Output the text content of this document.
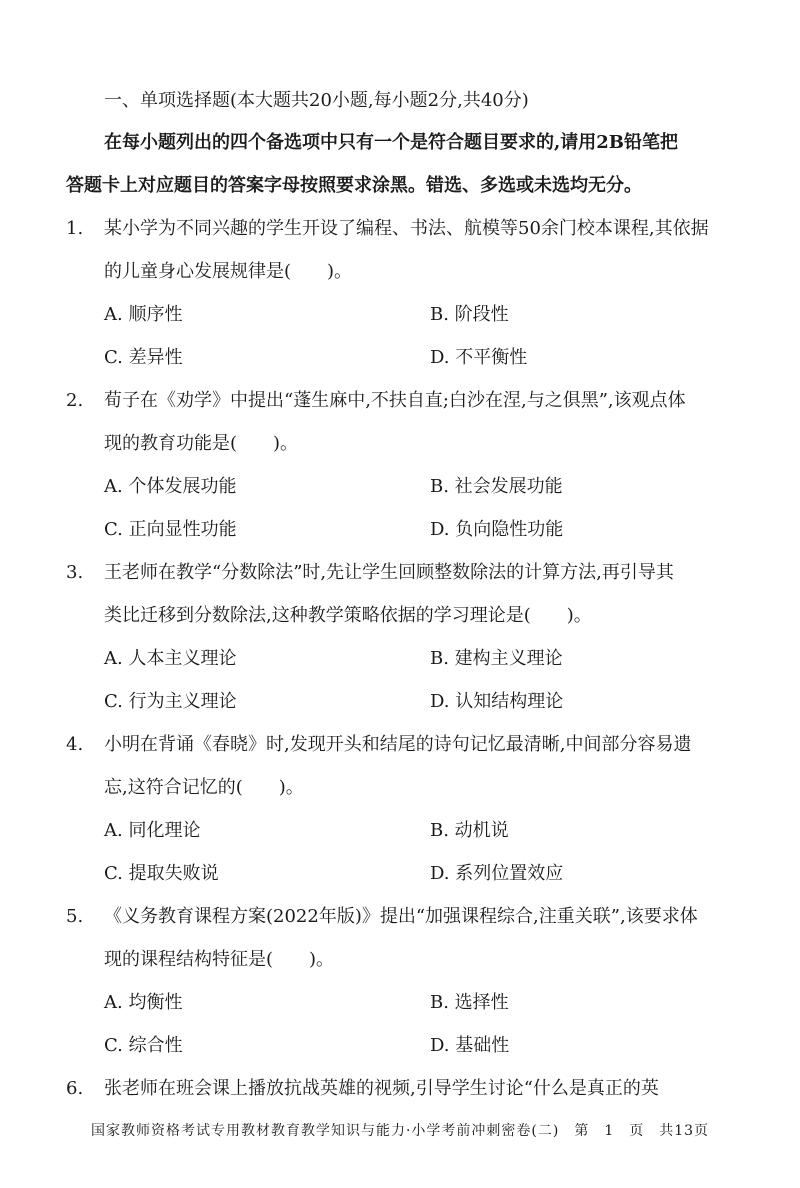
一、单项选择题(本大题共20小题,每小题2分,共40分)
在每小题列出的四个备选项中只有一个是符合题目要求的,请用2B铅笔把
答题卡上对应题目的答案字母按照要求涂黑。错选、多选或未选均无分。
1. 某小学为不同兴趣的学生开设了编程、书法、航模等50余门校本课程,其依据
的儿童身心发展规律是(　　)。
A. 顺序性	B. 阶段性
C. 差异性	D. 不平衡性
2. 荀子在《劝学》中提出“蓬生麻中,不扶自直;白沙在涅,与之俱黑”,该观点体
现的教育功能是(　　)。
A. 个体发展功能	B. 社会发展功能
C. 正向显性功能	D. 负向隐性功能
3. 王老师在教学“分数除法”时,先让学生回顾整数除法的计算方法,再引导其
类比迁移到分数除法,这种教学策略依据的学习理论是(　　)。
A. 人本主义理论	B. 建构主义理论
C. 行为主义理论	D. 认知结构理论
4. 小明在背诵《春晓》时,发现开头和结尾的诗句记忆最清晰,中间部分容易遗
忘,这符合记忆的(　　)。
A. 同化理论	B. 动机说
C. 提取失败说	D. 系列位置效应
5. 《义务教育课程方案(2022年版)》提出“加强课程综合,注重关联”,该要求体
现的课程结构特征是(　　)。
A. 均衡性	B. 选择性
C. 综合性	D. 基础性
6. 张老师在班会课上播放抗战英雄的视频,引导学生讨论“什么是真正的英
国家教师资格考试专用教材教育教学知识与能力·小学考前冲刺密卷(二)　第　1　页　共13页
